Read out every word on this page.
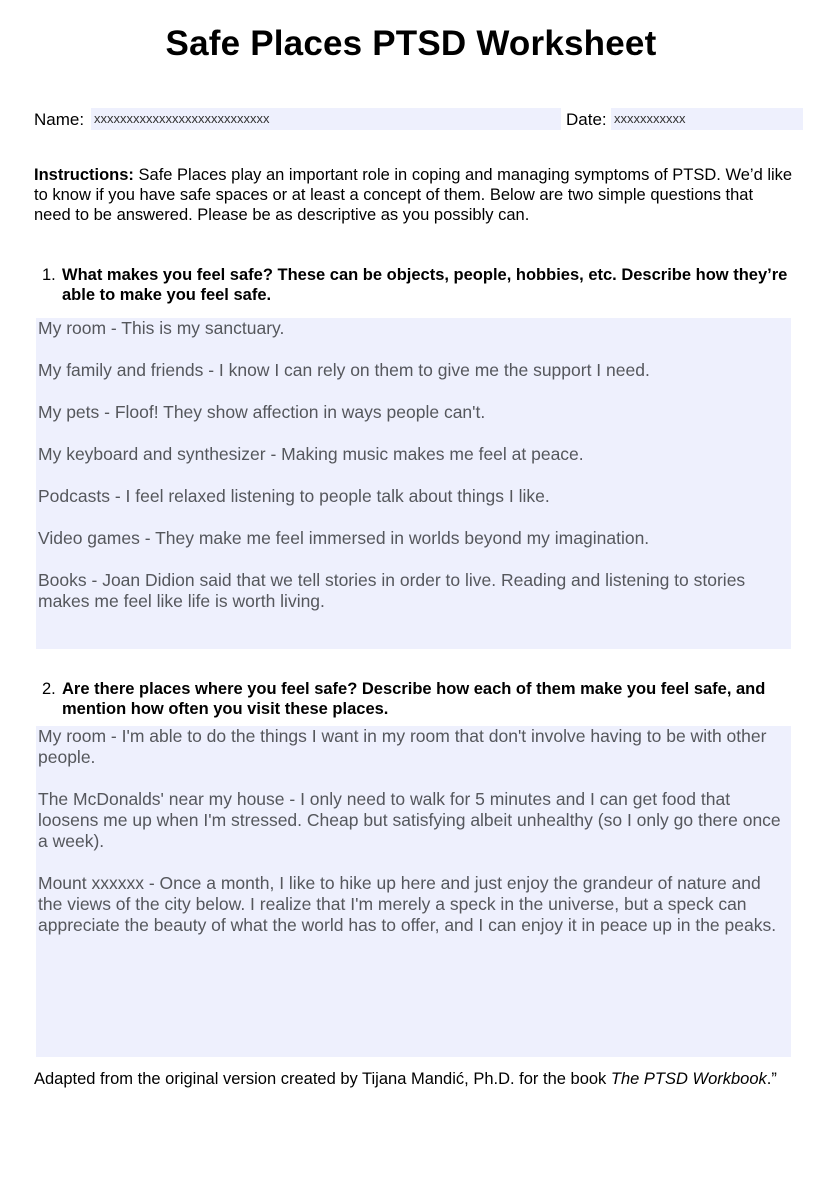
Safe Places PTSD Worksheet
Name: xxxxxxxxxxxxxxxxxxxxxxxxxxx	Date: xxxxxxxxxxx
Instructions: Safe Places play an important role in coping and managing symptoms of PTSD. We’d like to know if you have safe spaces or at least a concept of them. Below are two simple questions that need to be answered. Please be as descriptive as you possibly can.
1. What makes you feel safe? These can be objects, people, hobbies, etc. Describe how they’re able to make you feel safe.

My room - This is my sanctuary.

My family and friends - I know I can rely on them to give me the support I need.

My pets - Floof! They show affection in ways people can't.

My keyboard and synthesizer - Making music makes me feel at peace.

Podcasts - I feel relaxed listening to people talk about things I like.

Video games - They make me feel immersed in worlds beyond my imagination.

Books - Joan Didion said that we tell stories in order to live. Reading and listening to stories makes me feel like life is worth living.

2. Are there places where you feel safe? Describe how each of them make you feel safe, and mention how often you visit these places.

My room - I'm able to do the things I want in my room that don't involve having to be with other people.

The McDonalds' near my house - I only need to walk for 5 minutes and I can get food that loosens me up when I'm stressed. Cheap but satisfying albeit unhealthy (so I only go there once a week).

Mount xxxxxx - Once a month, I like to hike up here and just enjoy the grandeur of nature and the views of the city below. I realize that I'm merely a speck in the universe, but a speck can appreciate the beauty of what the world has to offer, and I can enjoy it in peace up in the peaks.

Adapted from the original version created by Tijana Mandić, Ph.D. for the book The PTSD Workbook.”
